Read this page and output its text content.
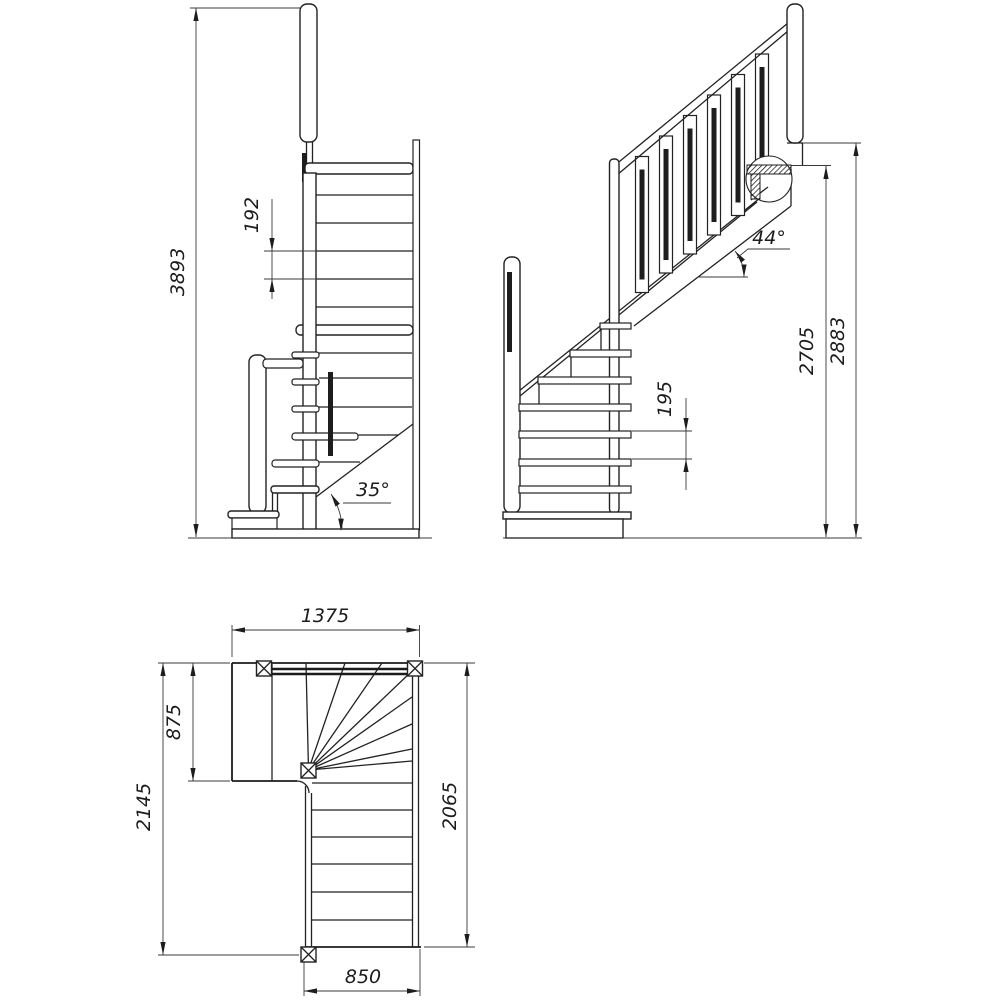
3893
192
35°
44°
195
2705 2883
1375
875
2145	2065
850
